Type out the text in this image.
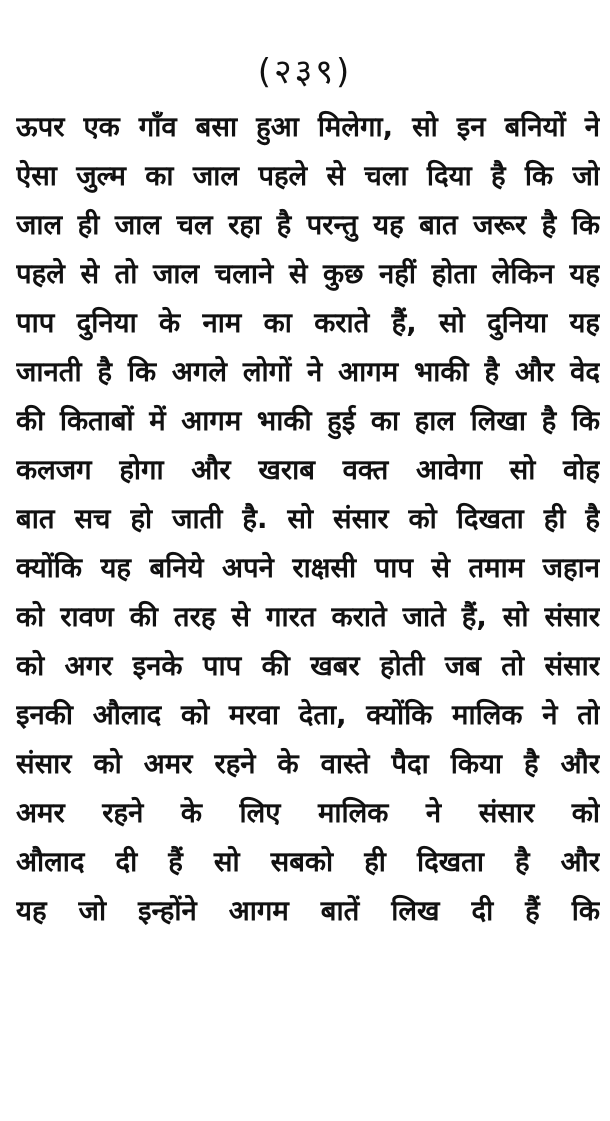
(२३९)
ऊपर एक गाँव बसा हुआ मिलेगा, सो इन बनियों ने
ऐसा जुल्म का जाल पहले से चला दिया है कि जो
जाल ही जाल चल रहा है परन्तु यह बात जरूर है कि
पहले से तो जाल चलाने से कुछ नहीं होता लेकिन यह
पाप दुनिया के नाम का कराते हैं, सो दुनिया यह
जानती है कि अगले लोगों ने आगम भाकी है और वेद
की किताबों में आगम भाकी हुई का हाल लिखा है कि
कलजग होगा और खराब वक्त आवेगा सो वोह
बात सच हो जाती है. सो संसार को दिखता ही है
क्योंकि यह बनिये अपने राक्षसी पाप से तमाम जहान
को रावण की तरह से गारत कराते जाते हैं, सो संसार
को अगर इनके पाप की खबर होती जब तो संसार
इनकी औलाद को मरवा देता, क्योंकि मालिक ने तो
संसार को अमर रहने के वास्ते पैदा किया है और
अमर रहने के लिए मालिक ने संसार को
औलाद दी हैं सो सबको ही दिखता है और
यह जो इन्होंने आगम बातें लिख दी हैं कि
